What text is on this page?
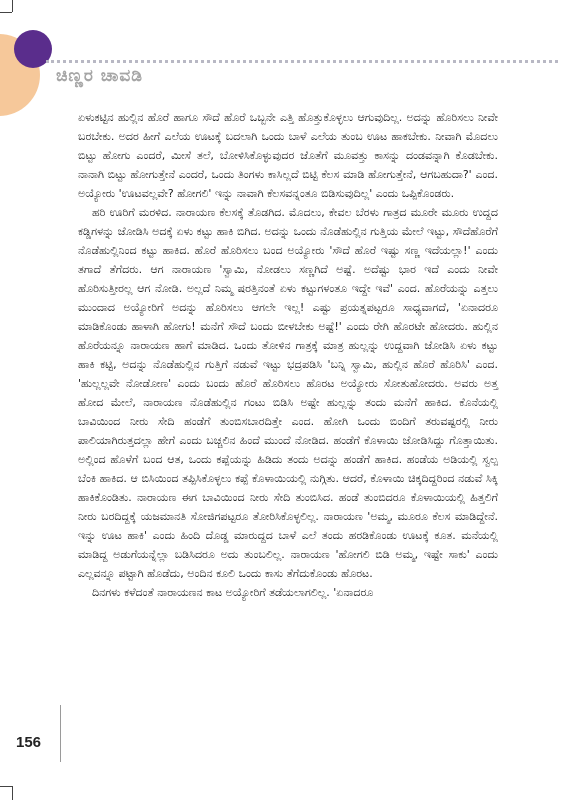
ಚಿಣ್ಣರ ಚಾವಡಿ

ಏಳುಕಟ್ಟಿನ ಹುಲ್ಲಿನ ಹೊರೆ ಹಾಗೂ ಸೌದೆ ಹೊರೆ ಒಬ್ಬನೇ ಎತ್ತಿ ಹೊತ್ತುಕೊಳ್ಳಲು ಆಗುವುದಿಲ್ಲ. ಅದನ್ನು ಹೊರಿಸಲು ನೀವೇ ಬರಬೇಕು. ಅದರ ಹೀಗೆ ಎಲೆಯ ಊಟಕ್ಕೆ ಬದಲಾಗಿ ಒಂದು ಬಾಳೆ ಎಲೆಯ ತುಂಬ ಊಟ ಹಾಕಬೇಕು. ನೀವಾಗಿ ಮೊದಲು ಬಿಟ್ಟು ಹೋಗು ಎಂದರೆ, ಮೀಸೆ ತಲೆ, ಬೋಳಿಸಿಕೊಳ್ಳುವುದರ ಜೊತೆಗೆ ಮೂವತ್ತು ಕಾಸನ್ನು ದಂಡವನ್ನಾಗಿ ಕೊಡಬೇಕು. ನಾನಾಗಿ ಬಿಟ್ಟು ಹೋಗುತ್ತೇನೆ ಎಂದರೆ, ಒಂದು ತಿಂಗಳು ಕಾಸಿಲ್ಲದೆ ಬಿಟ್ಟಿ ಕೆಲಸ ಮಾಡಿ ಹೋಗುತ್ತೇನೆ, ಆಗಬಹುದಾ?' ಎಂದ. ಅಯ್ಯೋರು 'ಊಟವಲ್ಲವೇ? ಹೋಗಲಿ' ಇನ್ನು ನಾವಾಗಿ ಕೆಲಸವನ್ನಂತೂ ಬಿಡಿಸುವುದಿಲ್ಲ' ಎಂದು ಒಪ್ಪಿಕೊಂಡರು.

ಹರಿ ಊರಿಗೆ ಮರಳಿದ. ನಾರಾಯಣ ಕೆಲಸಕ್ಕೆ ತೊಡಗಿದ. ಮೊದಲು, ಕೇವಲ ಬೆರಳು ಗಾತ್ರದ ಮೂರೇ ಮೂರು ಉದ್ದದ ಕಡ್ಡಿಗಳನ್ನು ಜೋಡಿಸಿ ಅದಕ್ಕೆ ಏಳು ಕಟ್ಟು ಹಾಕಿ ಬಿಗಿದ. ಅದನ್ನು ಒಂದು ನೊಡೆಹುಲ್ಲಿನ ಗುತ್ತಿಯ ಮೇಲೆ ಇಟ್ಟು, ಸೌದೆಹೊರೆಗೆ ನೊಡೆಹುಲ್ಲಿನಿಂದ ಕಟ್ಟು ಹಾಕಿದ. ಹೊರೆ ಹೊರಿಸಲು ಬಂದ ಅಯ್ಯೋರು 'ಸೌದೆ ಹೊರೆ ಇಷ್ಟು ಸಣ್ಣ ಇದೆಯಲ್ಲಾ!' ಎಂದು ತಗಾದೆ ತೆಗೆದರು. ಆಗ ನಾರಾಯಣ 'ಸ್ವಾಮಿ, ನೋಡಲು ಸಣ್ಣಗಿದೆ ಅಷ್ಟೆ. ಅದೆಷ್ಟು ಭಾರ ಇದೆ ಎಂದು ನೀವೇ ಹೊರಿಸುತ್ತೀರಲ್ಲ ಆಗ ನೋಡಿ. ಅಲ್ಲದೆ ನಿಮ್ಮ ಷರತ್ತಿನಂತೆ ಏಳು ಕಟ್ಟುಗಳಂತೂ ಇದ್ದೇ ಇವೆ' ಎಂದ. ಹೊರೆಯನ್ನು ಎತ್ತಲು ಮುಂದಾದ ಅಯ್ಯೋರಿಗೆ ಅದನ್ನು ಹೊರಿಸಲು ಆಗಲೇ ಇಲ್ಲ! ಎಷ್ಟು ಪ್ರಯತ್ನಪಟ್ಟರೂ ಸಾಧ್ಯವಾಗದೆ, 'ಏನಾದರೂ ಮಾಡಿಕೊಂಡು ಹಾಳಾಗಿ ಹೋಗು! ಮನೆಗೆ ಸೌದೆ ಬಂದು ಬೀಳಬೇಕು ಅಷ್ಟೆ!' ಎಂದು ರೇಗಿ ಹೊರಟೇ ಹೋದರು. ಹುಲ್ಲಿನ ಹೊರೆಯನ್ನೂ ನಾರಾಯಣ ಹಾಗೆ ಮಾಡಿದ. ಒಂದು ತೋಳಿನ ಗಾತ್ರಕ್ಕೆ ಮಾತ್ರ ಹುಲ್ಲನ್ನು ಉದ್ದವಾಗಿ ಜೋಡಿಸಿ ಏಳು ಕಟ್ಟು ಹಾಕಿ ಕಟ್ಟಿ, ಅದನ್ನು ನೊಡೆಹುಲ್ಲಿನ ಗುತ್ತಿಗೆ ನಡುವೆ ಇಟ್ಟು ಭದ್ರಪಡಿಸಿ 'ಬನ್ನಿ ಸ್ವಾಮಿ, ಹುಲ್ಲಿನ ಹೊರೆ ಹೊರಿಸಿ' ಎಂದ. 'ಹುಲ್ಲಲ್ಲವೇ ನೋಡೋಣ' ಎಂದು ಬಂದು ಹೊರೆ ಹೊರಿಸಲು ಹೊರಟ ಅಯ್ಯೋರು ಸೋತುಹೋದರು. ಅವರು ಅತ್ತ ಹೋದ ಮೇಲೆ, ನಾರಾಯಣ ನೊಡೆಹುಲ್ಲಿನ ಗಂಟು ಬಿಡಿಸಿ ಅಷ್ಟೇ ಹುಲ್ಲನ್ನು ತಂದು ಮನೆಗೆ ಹಾಕಿದ. ಕೊನೆಯಲ್ಲಿ ಬಾವಿಯಿಂದ ನೀರು ಸೇದಿ ಹಂಡೆಗೆ ತುಂಬಿಸಬಾರದಿತ್ತೇ ಎಂದ. ಹೋಗಿ ಒಂದು ಬಿಂದಿಗೆ ತರುವಷ್ಟರಲ್ಲಿ ನೀರು ಪಾಲಿಯಾಗಿರುತ್ತದಲ್ಲಾ ಹೇಗೆ ಎಂದು ಬಚ್ಚಲಿನ ಹಿಂದೆ ಮುಂದೆ ನೋಡಿದ. ಹಂಡೆಗೆ ಕೊಳಾಯಿ ಜೋಡಿಸಿದ್ದು ಗೊತ್ತಾಯಿತು. ಅಲ್ಲಿಂದ ಹೊಳೆಗೆ ಬಂದ ಆತ, ಒಂದು ಕಪ್ಪೆಯನ್ನು ಹಿಡಿದು ತಂದು ಅದನ್ನು ಹಂಡೆಗೆ ಹಾಕಿದ. ಹಂಡೆಯ ಅಡಿಯಲ್ಲಿ ಸ್ವಲ್ಪ ಬೆಂಕಿ ಹಾಕಿದ. ಆ ಬಿಸಿಯಿಂದ ತಪ್ಪಿಸಿಕೊಳ್ಳಲು ಕಪ್ಪೆ ಕೊಳಾಯಿಯಲ್ಲಿ ನುಗ್ಗಿತು. ಆದರೆ, ಕೊಳಾಯಿ ಚಿಕ್ಕದಿದ್ದರಿಂದ ನಡುವೆ ಸಿಕ್ಕಿ ಹಾಕಿಕೊಂಡಿತು. ನಾರಾಯಣ ಈಗ ಬಾವಿಯಿಂದ ನೀರು ಸೇದಿ ತುಂಬಿಸಿದ. ಹಂಡೆ ತುಂಬಿದರೂ ಕೊಳಾಯಿಯಲ್ಲಿ ಹಿತ್ತಲಿಗೆ ನೀರು ಬರದಿದ್ದಕ್ಕೆ ಯಜಮಾನತಿ ಸೋಜಿಗಪಟ್ಟರೂ ತೋರಿಸಿಕೊಳ್ಳಲಿಲ್ಲ. ನಾರಾಯಣ 'ಅಮ್ಮ, ಮೂರೂ ಕೆಲಸ ಮಾಡಿದ್ದೇನೆ. ಇನ್ನು ಊಟ ಹಾಕಿ' ಎಂದು ಹಿಂದಿ ದೊಡ್ಡ ಮಾರುದ್ದದ ಬಾಳೆ ಎಲೆ ತಂದು ಹರಡಿಕೊಂಡು ಊಟಕ್ಕೆ ಕೂತ. ಮನೆಯಲ್ಲಿ ಮಾಡಿದ್ದ ಅಡುಗೆಯನ್ನೆಲ್ಲಾ ಬಡಿಸಿದರೂ ಅದು ತುಂಬಲಿಲ್ಲ. ನಾರಾಯಣ 'ಹೋಗಲಿ ಬಿಡಿ ಅಮ್ಮ, ಇಷ್ಟೇ ಸಾಕು' ಎಂದು ಎಲ್ಲವನ್ನೂ ಪಟ್ಟಾಗಿ ಹೊಡೆದು, ಅಂದಿನ ಕೂಲಿ ಒಂದು ಕಾಸು ತೆಗೆದುಕೊಂಡು ಹೊರಟ.

ದಿನಗಳು ಕಳೆದಂತೆ ನಾರಾಯಣನ ಕಾಟ ಅಯ್ಯೋರಿಗೆ ತಡೆಯಲಾಗಲಿಲ್ಲ. 'ಏನಾದರೂ

156
